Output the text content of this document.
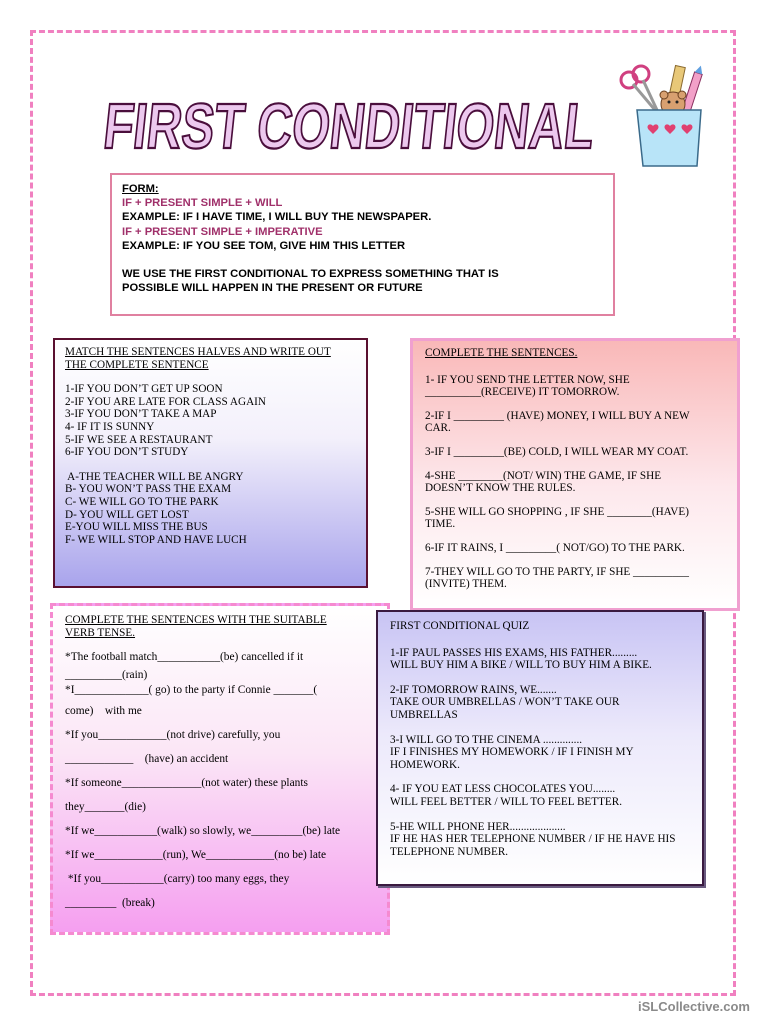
FIRST CONDITIONAL
FORM:
IF + PRESENT SIMPLE + WILL
EXAMPLE: IF I HAVE TIME, I WILL BUY THE NEWSPAPER.
IF + PRESENT SIMPLE + IMPERATIVE
EXAMPLE: IF YOU SEE TOM, GIVE HIM THIS LETTER
WE USE THE FIRST CONDITIONAL TO EXPRESS SOMETHING THAT IS
POSSIBLE WILL HAPPEN IN THE PRESENT OR FUTURE
MATCH THE SENTENCES HALVES AND WRITE OUT
THE COMPLETE SENTENCE
1-IF YOU DON’T GET UP SOON
2-IF YOU ARE LATE FOR CLASS AGAIN
3-IF YOU DON’T TAKE A MAP
4- IF IT IS SUNNY
5-IF WE SEE A RESTAURANT
6-IF YOU DON’T STUDY
A-THE TEACHER WILL BE ANGRY
B- YOU WON’T PASS THE EXAM
C- WE WILL GO TO THE PARK
D- YOU WILL GET LOST
E-YOU WILL MISS THE BUS
F- WE WILL STOP AND HAVE LUCH
COMPLETE THE SENTENCES.
1- IF YOU SEND THE LETTER NOW, SHE
__________(RECEIVE) IT TOMORROW.
2-IF I _________ (HAVE) MONEY, I WILL BUY A NEW
CAR.
3-IF I _________(BE) COLD, I WILL WEAR MY COAT.
4-SHE ________(NOT/ WIN) THE GAME, IF SHE
DOESN’T KNOW THE RULES.
5-SHE WILL GO SHOPPING , IF SHE ________(HAVE)
TIME.
6-IF IT RAINS, I _________( NOT/GO) TO THE PARK.
7-THEY WILL GO TO THE PARTY, IF SHE __________
(INVITE) THEM.
COMPLETE THE SENTENCES WITH THE SUITABLE
VERB TENSE.
*The football match___________(be) cancelled if it
__________(rain)
*I_____________( go) to the party if Connie _______(
come)    with me
*If you____________(not drive) carefully, you
____________    (have) an accident
*If someone______________(not water) these plants
they_______(die)
*If we___________(walk) so slowly, we_________(be) late
*If we____________(run), We____________(no be) late
*If you___________(carry) too many eggs, they
_________  (break)
FIRST CONDITIONAL QUIZ
1-IF PAUL PASSES HIS EXAMS, HIS FATHER.........
WILL BUY HIM A BIKE / WILL TO BUY HIM A BIKE.
2-IF TOMORROW RAINS, WE.......
TAKE OUR UMBRELLAS / WON’T TAKE OUR
UMBRELLAS
3-I WILL GO TO THE CINEMA ..............
IF I FINISHES MY HOMEWORK / IF I FINISH MY
HOMEWORK.
4- IF YOU EAT LESS CHOCOLATES YOU........
WILL FEEL BETTER / WILL TO FEEL BETTER.
5-HE WILL PHONE HER....................
IF HE HAS HER TELEPHONE NUMBER / IF HE HAVE HIS
TELEPHONE NUMBER.
iSLCollective.com
